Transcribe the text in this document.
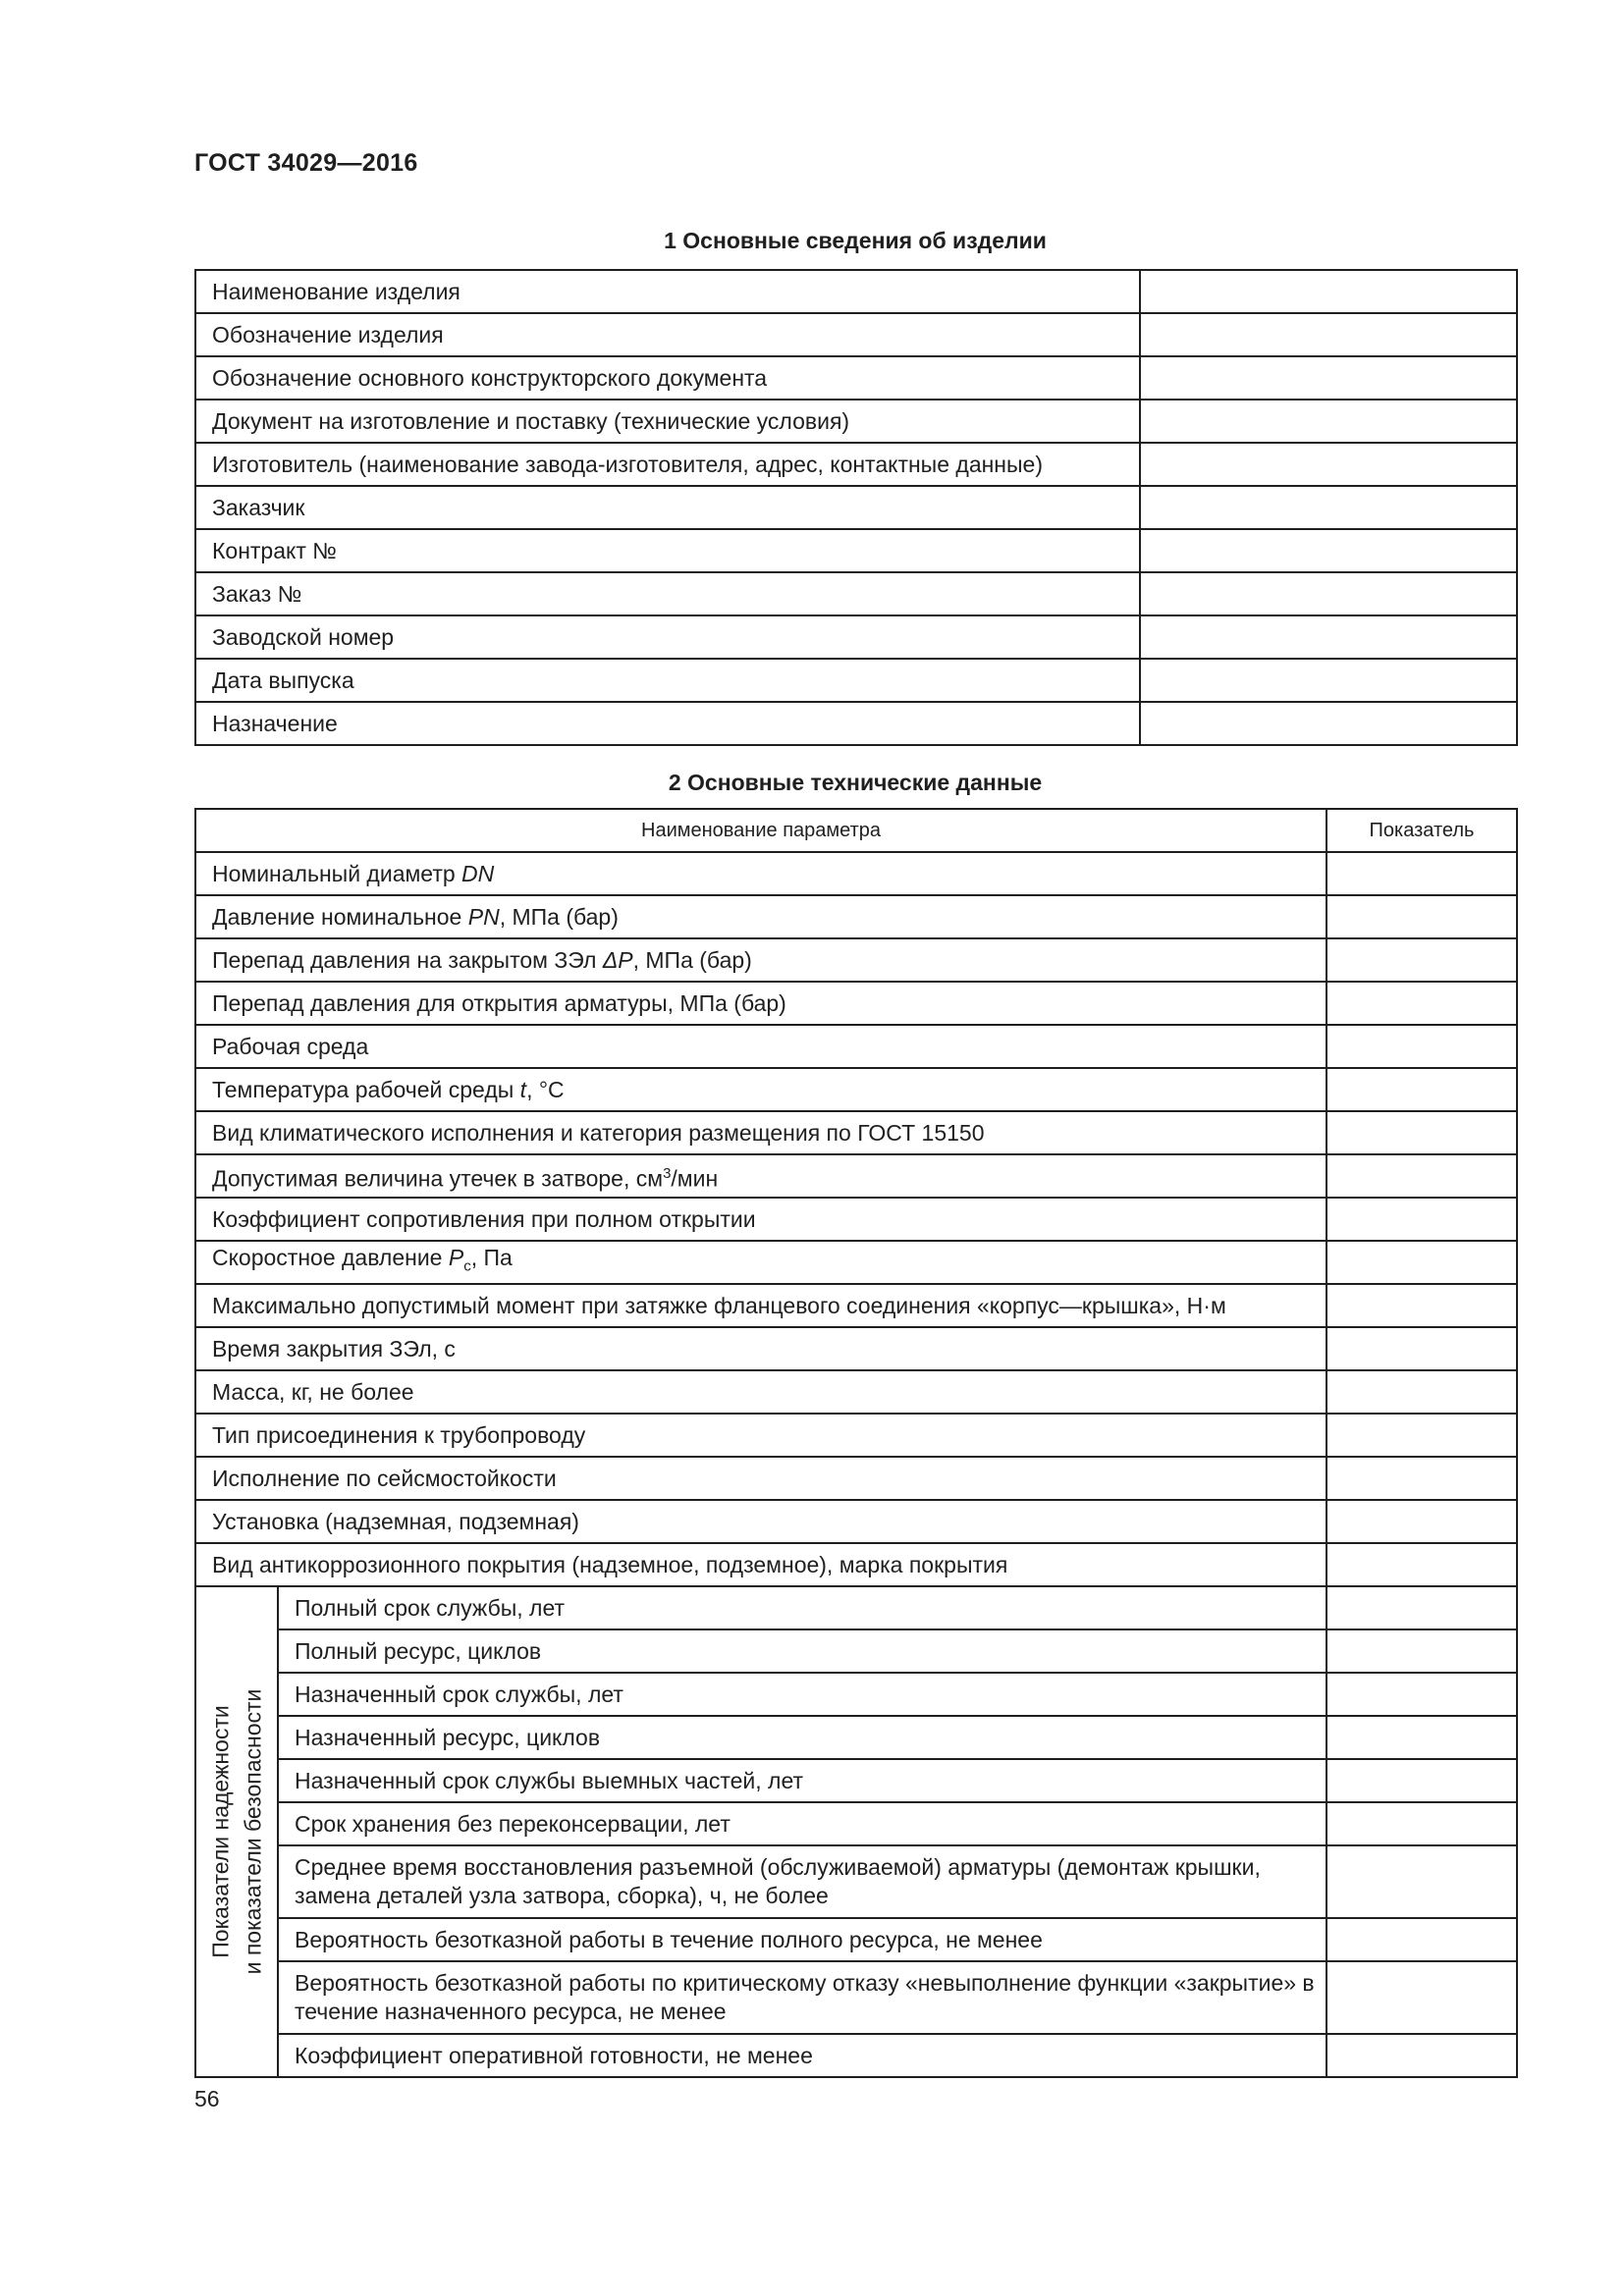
ГОСТ 34029—2016
1 Основные сведения об изделии
Наименование изделия	
Обозначение изделия	
Обозначение основного конструкторского документа	
Документ на изготовление и поставку (технические условия)	
Изготовитель (наименование завода-изготовителя, адрес, контактные данные)	
Заказчик	
Контракт №	
Заказ №	
Заводской номер	
Дата выпуска	
Назначение	
2 Основные технические данные
Наименование параметра		Показатель
Номинальный диаметр DN		
Давление номинальное PN, МПа (бар)		
Перепад давления на закрытом ЗЭл ΔP, МПа (бар)		
Перепад давления для открытия арматуры, МПа (бар)		
Рабочая среда		
Температура рабочей среды t, °С		
Вид климатического исполнения и категория размещения по ГОСТ 15150		
Допустимая величина утечек в затворе, $см^3$/мин		
Коэффициент сопротивления при полном открытии		
Скоростное давление $P_с$, Па		
Максимально допустимый момент при затяжке фланцевого соединения «корпус—крышка», Н·м		
Время закрытия ЗЭл, с		
Масса, кг, не более		
Тип присоединения к трубопроводу		
Исполнение по сейсмостойкости		
Установка (надземная, подземная)		
Вид антикоррозионного покрытия (надземное, подземное), марка покрытия		

Показатели надежности и показатели безопасности	Полный срок службы, лет	
	Полный ресурс, циклов	
	Назначенный срок службы, лет	
	Назначенный ресурс, циклов	
	Назначенный срок службы выемных частей, лет	
	Срок хранения без переконсервации, лет	
	Среднее время восстановления разъемной (обслуживаемой) арматуры (демонтаж крышки, замена деталей узла затвора, сборка), ч, не более	
	Вероятность безотказной работы в течение полного ресурса, не менее	
	Вероятность безотказной работы по критическому отказу «невыполнение функции «закрытие» в течение назначенного ресурса, не менее	
	Коэффициент оперативной готовности, не менее	
56
